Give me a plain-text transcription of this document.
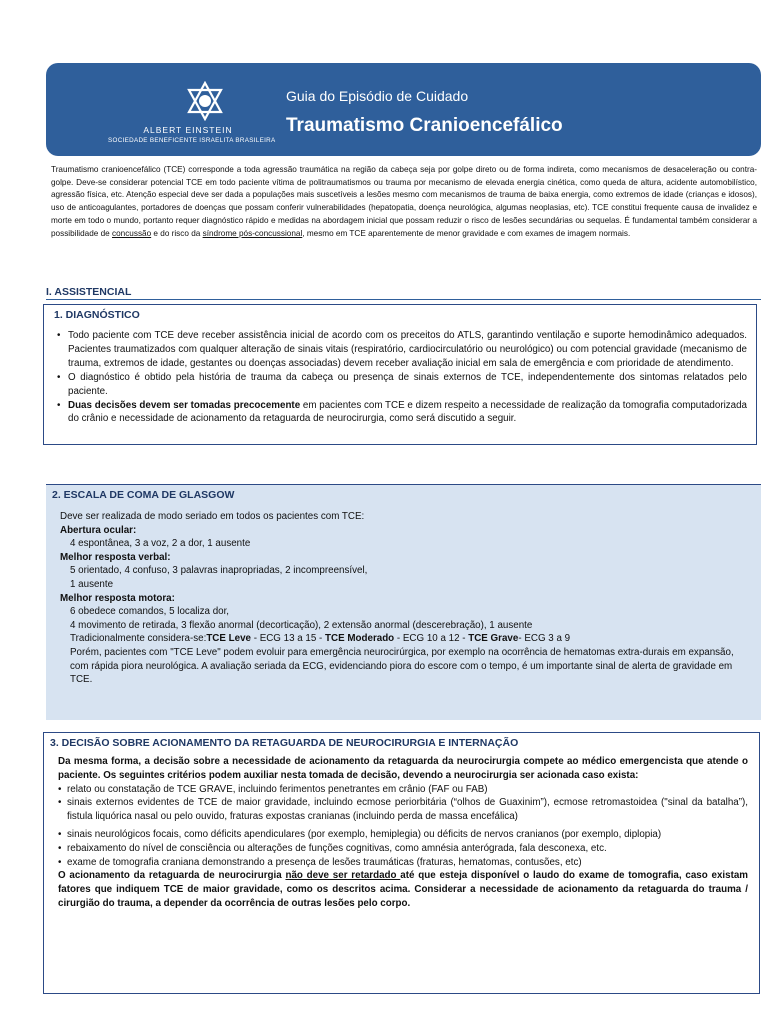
ALBERT EINSTEIN
SOCIEDADE BENEFICENTE ISRAELITA BRASILEIRA
Guia do Episódio de Cuidado
Traumatismo Cranioencefálico
Traumatismo cranioencefálico (TCE) corresponde a toda agressão traumática na região da cabeça seja por golpe direto ou de forma indireta, como mecanismos de desaceleração ou contra-golpe. Deve-se considerar potencial TCE em todo paciente vítima de politraumatismos ou trauma por mecanismo de elevada energia cinética, como queda de altura, acidente automobilístico, agressão física, etc. Atenção especial deve ser dada a populações mais suscetíveis a lesões mesmo com mecanismos de trauma de baixa energia, como extremos de idade (crianças e idosos), uso de anticoagulantes, portadores de doenças que possam conferir vulnerabilidades (hepatopatia, doença neurológica, algumas neoplasias, etc). TCE constitui frequente causa de invalidez e morte em todo o mundo, portanto requer diagnóstico rápido e medidas na abordagem inicial que possam reduzir o risco de lesões secundárias ou sequelas. É fundamental também considerar a possibilidade de concussão e do risco da síndrome pós-concussional, mesmo em TCE aparentemente de menor gravidade e com exames de imagem normais.
I. ASSISTENCIAL
1. DIAGNÓSTICO
• Todo paciente com TCE deve receber assistência inicial de acordo com os preceitos do ATLS, garantindo ventilação e suporte hemodinâmico adequados. Pacientes traumatizados com qualquer alteração de sinais vitais (respiratório, cardiocirculatório ou neurológico) ou com potencial gravidade (mecanismo de trauma, extremos de idade, gestantes ou doenças associadas) devem receber avaliação inicial em sala de emergência e com prioridade de atendimento.
• O diagnóstico é obtido pela história de trauma da cabeça ou presença de sinais externos de TCE, independentemente dos sintomas relatados pelo paciente.
• Duas decisões devem ser tomadas precocemente em pacientes com TCE e dizem respeito a necessidade de realização da tomografia computadorizada do crânio e necessidade de acionamento da retaguarda de neurocirurgia, como será discutido a seguir.
2. ESCALA DE COMA DE GLASGOW
Deve ser realizada de modo seriado em todos os pacientes com TCE:
Abertura ocular:
4 espontânea, 3 a voz, 2 a dor, 1 ausente
Melhor resposta verbal:
5 orientado, 4 confuso, 3 palavras inapropriadas, 2 incompreensível,
1 ausente
Melhor resposta motora:
6 obedece comandos, 5 localiza dor,
4 movimento de retirada, 3 flexão anormal (decorticação), 2 extensão anormal (descerebração), 1 ausente
Tradicionalmente considera-se:TCE Leve - ECG 13 a 15 - TCE Moderado - ECG 10 a 12 - TCE Grave- ECG 3 a 9
Porém, pacientes com "TCE Leve" podem evoluir para emergência neurocirúrgica, por exemplo na ocorrência de hematomas extra-durais em expansão, com rápida piora neurológica. A avaliação seriada da ECG, evidenciando piora do escore com o tempo, é um importante sinal de alerta de gravidade em TCE.
3. DECISÃO SOBRE ACIONAMENTO DA RETAGUARDA DE NEUROCIRURGIA E INTERNAÇÃO
Da mesma forma, a decisão sobre a necessidade de acionamento da retaguarda da neurocirurgia compete ao médico emergencista que atende o paciente. Os seguintes critérios podem auxiliar nesta tomada de decisão, devendo a neurocirurgia ser acionada caso exista:
• relato ou constatação de TCE GRAVE, incluindo ferimentos penetrantes em crânio (FAF ou FAB)
• sinais externos evidentes de TCE de maior gravidade, incluindo ecmose periorbitária (“olhos de Guaxinim”), ecmose retromastoidea ("sinal da batalha”), fistula liquórica nasal ou pelo ouvido, fraturas expostas cranianas (incluindo perda de massa encefálica)
• sinais neurológicos focais, como déficits apendiculares (por exemplo, hemiplegia) ou déficits de nervos cranianos (por exemplo, diplopia)
• rebaixamento do nível de consciência ou alterações de funções cognitivas, como amnésia anterógrada, fala desconexa, etc.
• exame de tomografia craniana demonstrando a presença de lesões traumáticas (fraturas, hematomas, contusões, etc)
O acionamento da retaguarda de neurocirurgia não deve ser retardado até que esteja disponível o laudo do exame de tomografia, caso existam fatores que indiquem TCE de maior gravidade, como os descritos acima. Considerar a necessidade de acionamento da retaguarda do trauma / cirurgião do trauma, a depender da ocorrência de outras lesões pelo corpo.
